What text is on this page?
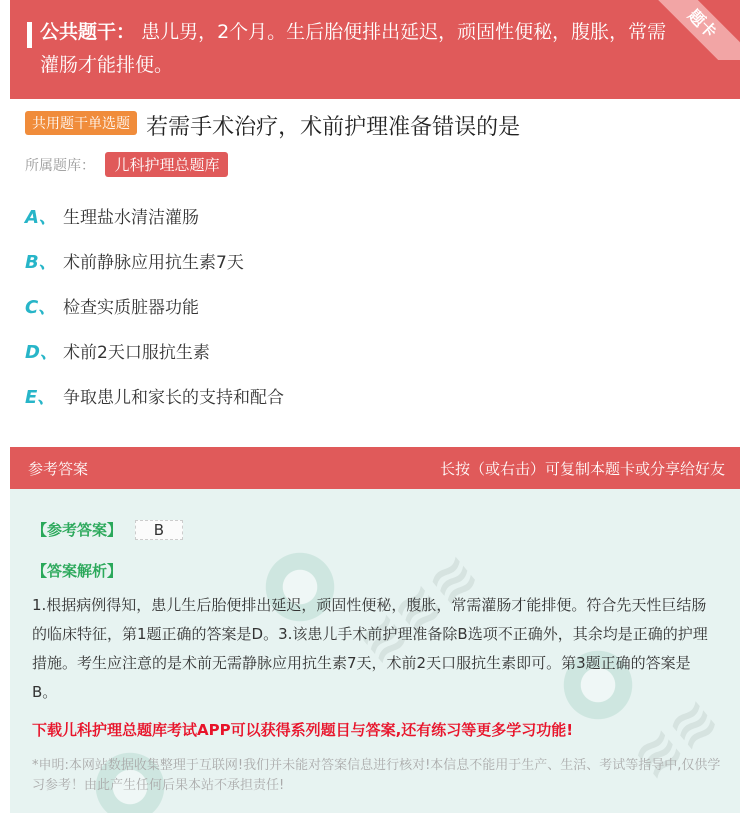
公共题干： 患儿男，2个月。生后胎便排出延迟，顽固性便秘，腹胀，常需灌肠才能排便。
题卡
共用题干单选题 若需手术治疗，术前护理准备错误的是
所属题库： 儿科护理总题库
A、 生理盐水清洁灌肠
B、 术前静脉应用抗生素7天
C、 检查实质脏器功能
D、 术前2天口服抗生素
E、 争取患儿和家长的支持和配合
≋≋≋
≋≋
参考答案	长按（或右击）可复制本题卡或分享给好友
【参考答案】 B
【答案解析】
1.根据病例得知，患儿生后胎便排出延迟，顽固性便秘，腹胀，常需灌肠才能排便。符合先天性巨结肠的临床特征，第1题正确的答案是D。3.该患儿手术前护理准备除B选项不正确外，其余均是正确的护理措施。考生应注意的是术前无需静脉应用抗生素7天，术前2天口服抗生素即可。第3题正确的答案是B。
下载儿科护理总题库考试APP可以获得系列题目与答案,还有练习等更多学习功能!
*申明:本网站数据收集整理于互联网!我们并未能对答案信息进行核对!本信息不能用于生产、生活、考试等指导中,仅供学习参考！由此产生任何后果本站不承担责任!
